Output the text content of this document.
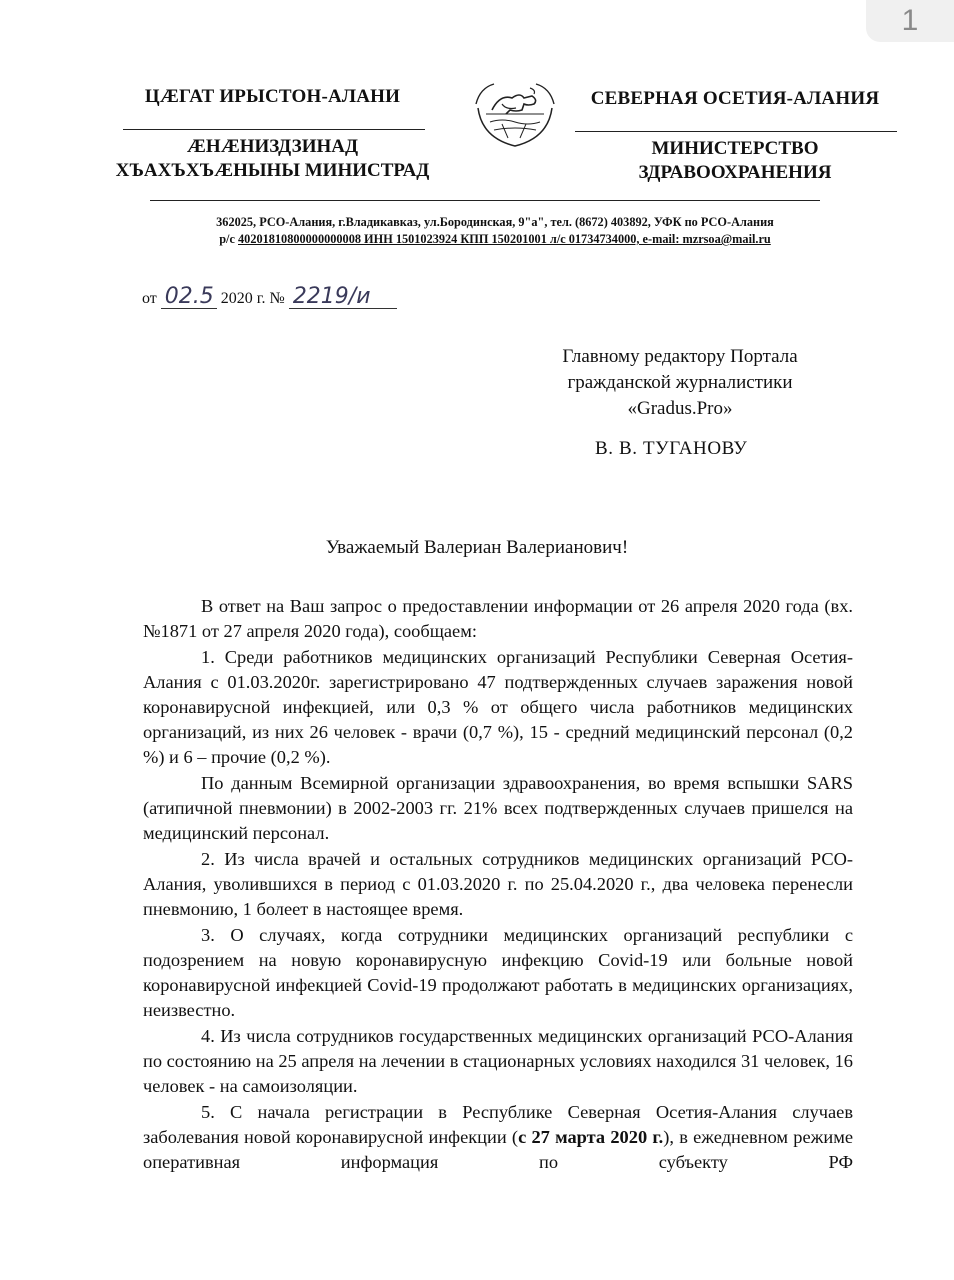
1
ЦÆГАТ ИРЫСТОН-АЛАНИ
ÆНÆНИЗДЗИНАД
ХЪАХЪХЪÆНЫНЫ МИНИСТРАД
СЕВЕРНАЯ ОСЕТИЯ-АЛАНИЯ
МИНИСТЕРСТВО
ЗДРАВООХРАНЕНИЯ
362025, РСО-Алания, г.Владикавказ, ул.Бородинская, 9"а", тел. (8672) 403892, УФК по РСО-Алания
р/с 40201810800000000008 ИНН 1501023924 КПП 150201001 л/с 01734734000, e-mail: mzrsoa@mail.ru
от 02.5 2020 г. № 2219/и
Главному редактору Портала
гражданской журналистики
«Gradus.Pro»
В. В. ТУГАНОВУ
Уважаемый Валериан Валерианович!

В ответ на Ваш запрос о предоставлении информации от 26 апреля 2020 года (вх. №1871 от 27 апреля 2020 года), сообщаем:

1. Среди работников медицинских организаций Республики Северная Осетия-Алания с 01.03.2020г. зарегистрировано 47 подтвержденных случаев заражения новой коронавирусной инфекцией, или 0,3 % от общего числа работников медицинских организаций, из них 26 человек - врачи (0,7 %), 15 - средний медицинский персонал (0,2 %) и 6 – прочие (0,2 %).

По данным Всемирной организации здравоохранения, во время вспышки SARS (атипичной пневмонии) в 2002-2003 гг. 21% всех подтвержденных случаев пришелся на медицинский персонал.

2. Из числа врачей и остальных сотрудников медицинских организаций РСО-Алания, уволившихся в период с 01.03.2020 г. по 25.04.2020 г., два человека перенесли пневмонию, 1 болеет в настоящее время.

3. О случаях, когда сотрудники медицинских организаций республики с подозрением на новую коронавирусную инфекцию Covid-19 или больные новой коронавирусной инфекцией Covid-19 продолжают работать в медицинских организациях, неизвестно.

4. Из числа сотрудников государственных медицинских организаций РСО-Алания по состоянию на 25 апреля на лечении в стационарных условиях находился 31 человек, 16 человек - на самоизоляции.

5. С начала регистрации в Республике Северная Осетия-Алания случаев заболевания новой коронавирусной инфекции (с 27 марта 2020 г.), в ежедневном режиме оперативная информация по субъекту РФ
